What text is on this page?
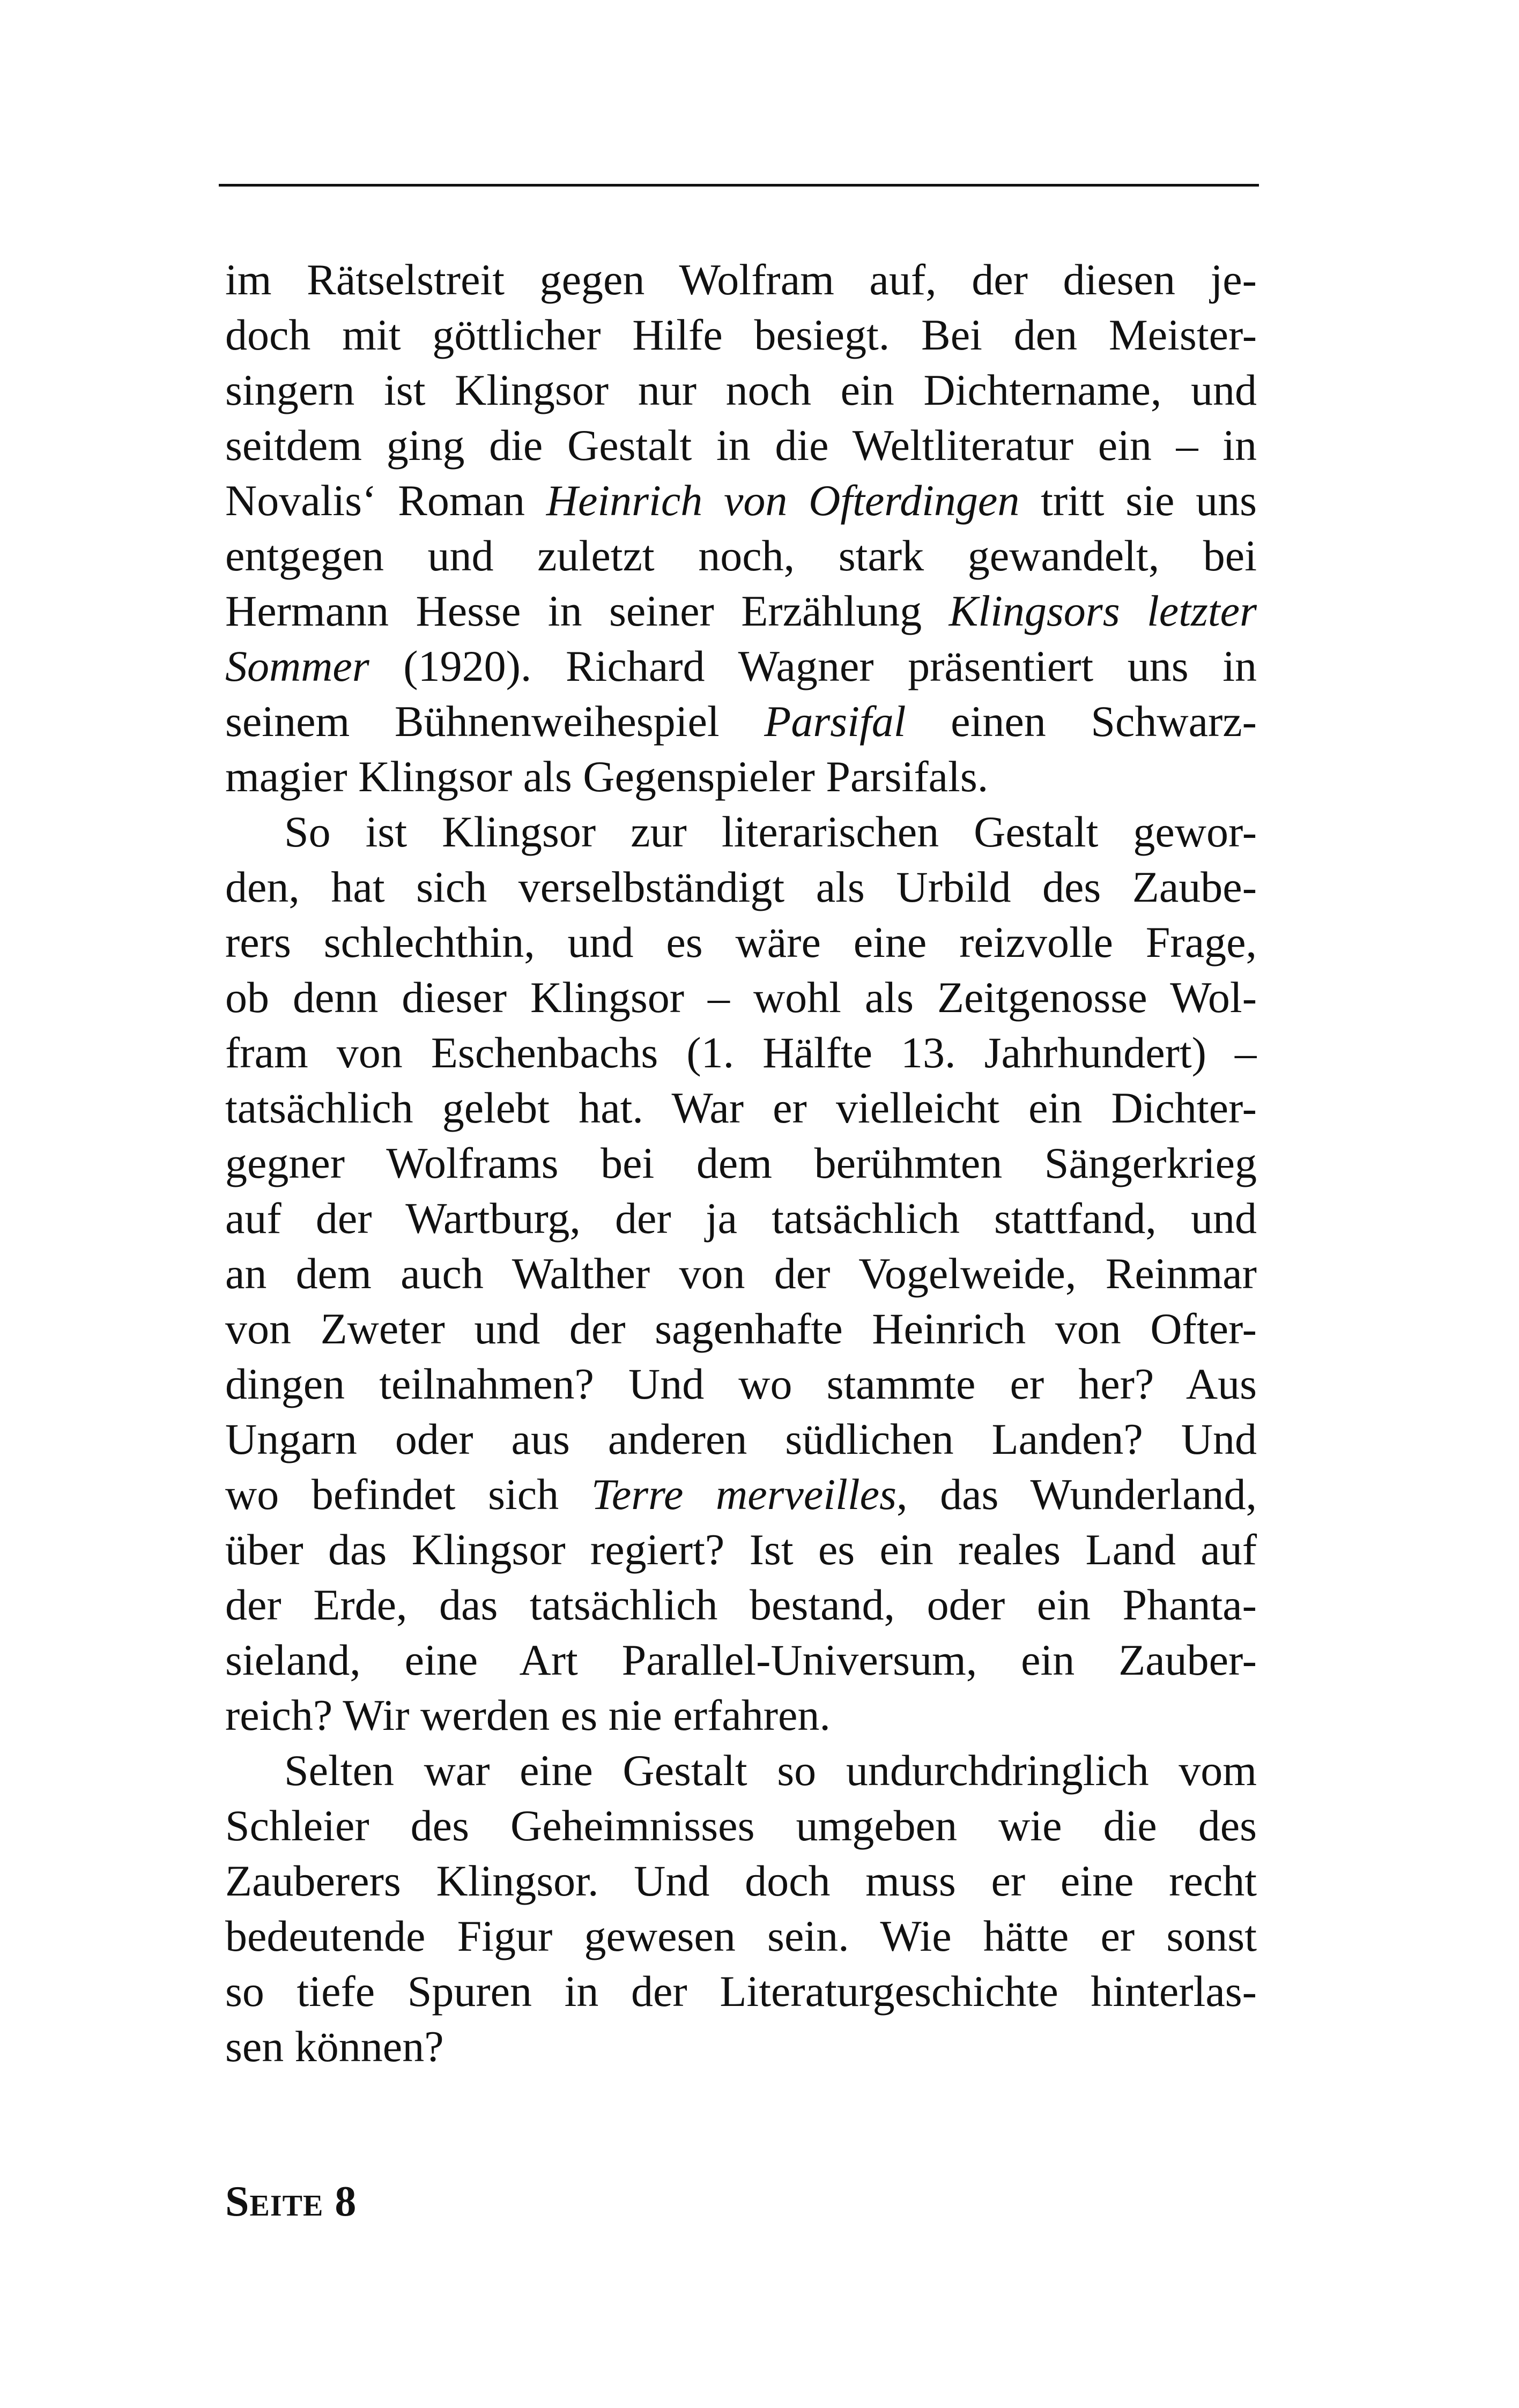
im Rätselstreit gegen Wolfram auf, der diesen je-
doch mit göttlicher Hilfe besiegt. Bei den Meister-
singern ist Klingsor nur noch ein Dichtername, und
seitdem ging die Gestalt in die Weltliteratur ein – in
Novalis‘ Roman Heinrich von Ofterdingen tritt sie uns
entgegen und zuletzt noch, stark gewandelt, bei
Hermann Hesse in seiner Erzählung Klingsors letzter
Sommer (1920). Richard Wagner präsentiert uns in
seinem Bühnenweihespiel Parsifal einen Schwarz-
magier Klingsor als Gegenspieler Parsifals.
So ist Klingsor zur literarischen Gestalt gewor-
den, hat sich verselbständigt als Urbild des Zaube-
rers schlechthin, und es wäre eine reizvolle Frage,
ob denn dieser Klingsor – wohl als Zeitgenosse Wol-
fram von Eschenbachs (1. Hälfte 13. Jahrhundert) –
tatsächlich gelebt hat. War er vielleicht ein Dichter-
gegner Wolframs bei dem berühmten Sängerkrieg
auf der Wartburg, der ja tatsächlich stattfand, und
an dem auch Walther von der Vogelweide, Reinmar
von Zweter und der sagenhafte Heinrich von Ofter-
dingen teilnahmen? Und wo stammte er her? Aus
Ungarn oder aus anderen südlichen Landen? Und
wo befindet sich Terre merveilles, das Wunderland,
über das Klingsor regiert? Ist es ein reales Land auf
der Erde, das tatsächlich bestand, oder ein Phanta-
sieland, eine Art Parallel-Universum, ein Zauber-
reich? Wir werden es nie erfahren.
Selten war eine Gestalt so undurchdringlich vom
Schleier des Geheimnisses umgeben wie die des
Zauberers Klingsor. Und doch muss er eine recht
bedeutende Figur gewesen sein. Wie hätte er sonst
so tiefe Spuren in der Literaturgeschichte hinterlas-
sen können?
Seite 8
